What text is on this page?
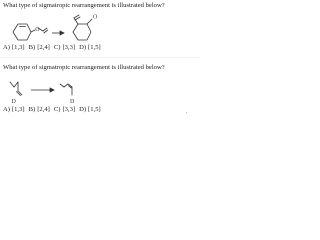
What type of sigmatropic rearrangement is illustrated below?
O
O
A) [1,3] B) [2,4] C) [3,3] D) [1,5]
What type of sigmatropic rearrangement is illustrated below?
D	D
A) [1,3] B) [2,4] C) [3,3] D) [1,5]
